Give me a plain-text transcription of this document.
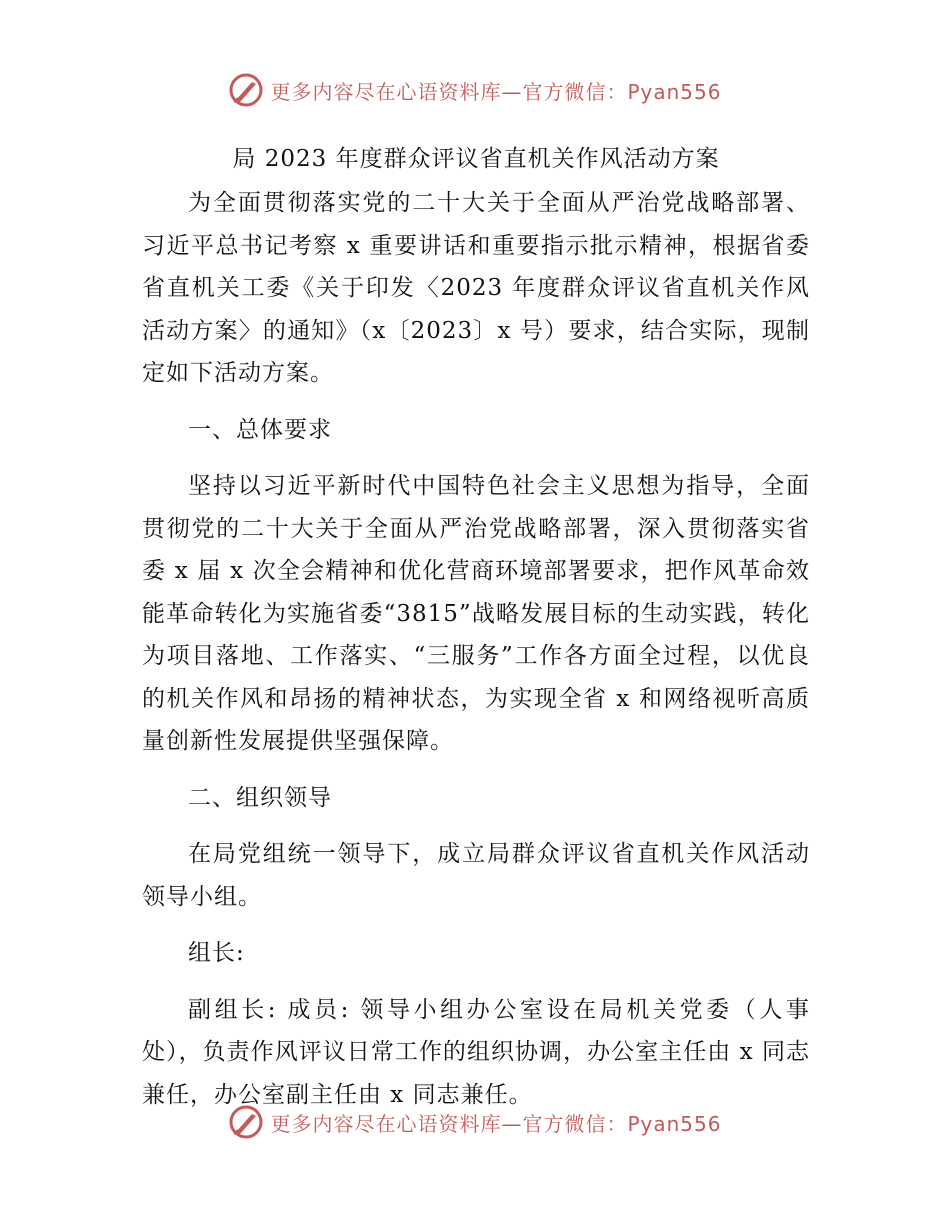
更多内容尽在心语资料库—官方微信：Pyan556
局 2023 年度群众评议省直机关作风活动方案

为全面贯彻落实党的二十大关于全面从严治党战略部署、习近平总书记考察 x 重要讲话和重要指示批示精神，根据省委省直机关工委《关于印发〈2023 年度群众评议省直机关作风活动方案〉的通知》（x〔2023〕x 号）要求，结合实际，现制定如下活动方案。

一、总体要求

坚持以习近平新时代中国特色社会主义思想为指导，全面贯彻党的二十大关于全面从严治党战略部署，深入贯彻落实省委 x 届 x 次全会精神和优化营商环境部署要求，把作风革命效能革命转化为实施省委“3815”战略发展目标的生动实践，转化为项目落地、工作落实、“三服务”工作各方面全过程，以优良的机关作风和昂扬的精神状态，为实现全省 x 和网络视听高质量创新性发展提供坚强保障。

二、组织领导

在局党组统一领导下，成立局群众评议省直机关作风活动领导小组。

组长:

副组长: 成员: 领导小组办公室设在局机关党委（人事处），负责作风评议日常工作的组织协调，办公室主任由 x 同志兼任，办公室副主任由 x 同志兼任。

更多内容尽在心语资料库—官方微信：Pyan556
